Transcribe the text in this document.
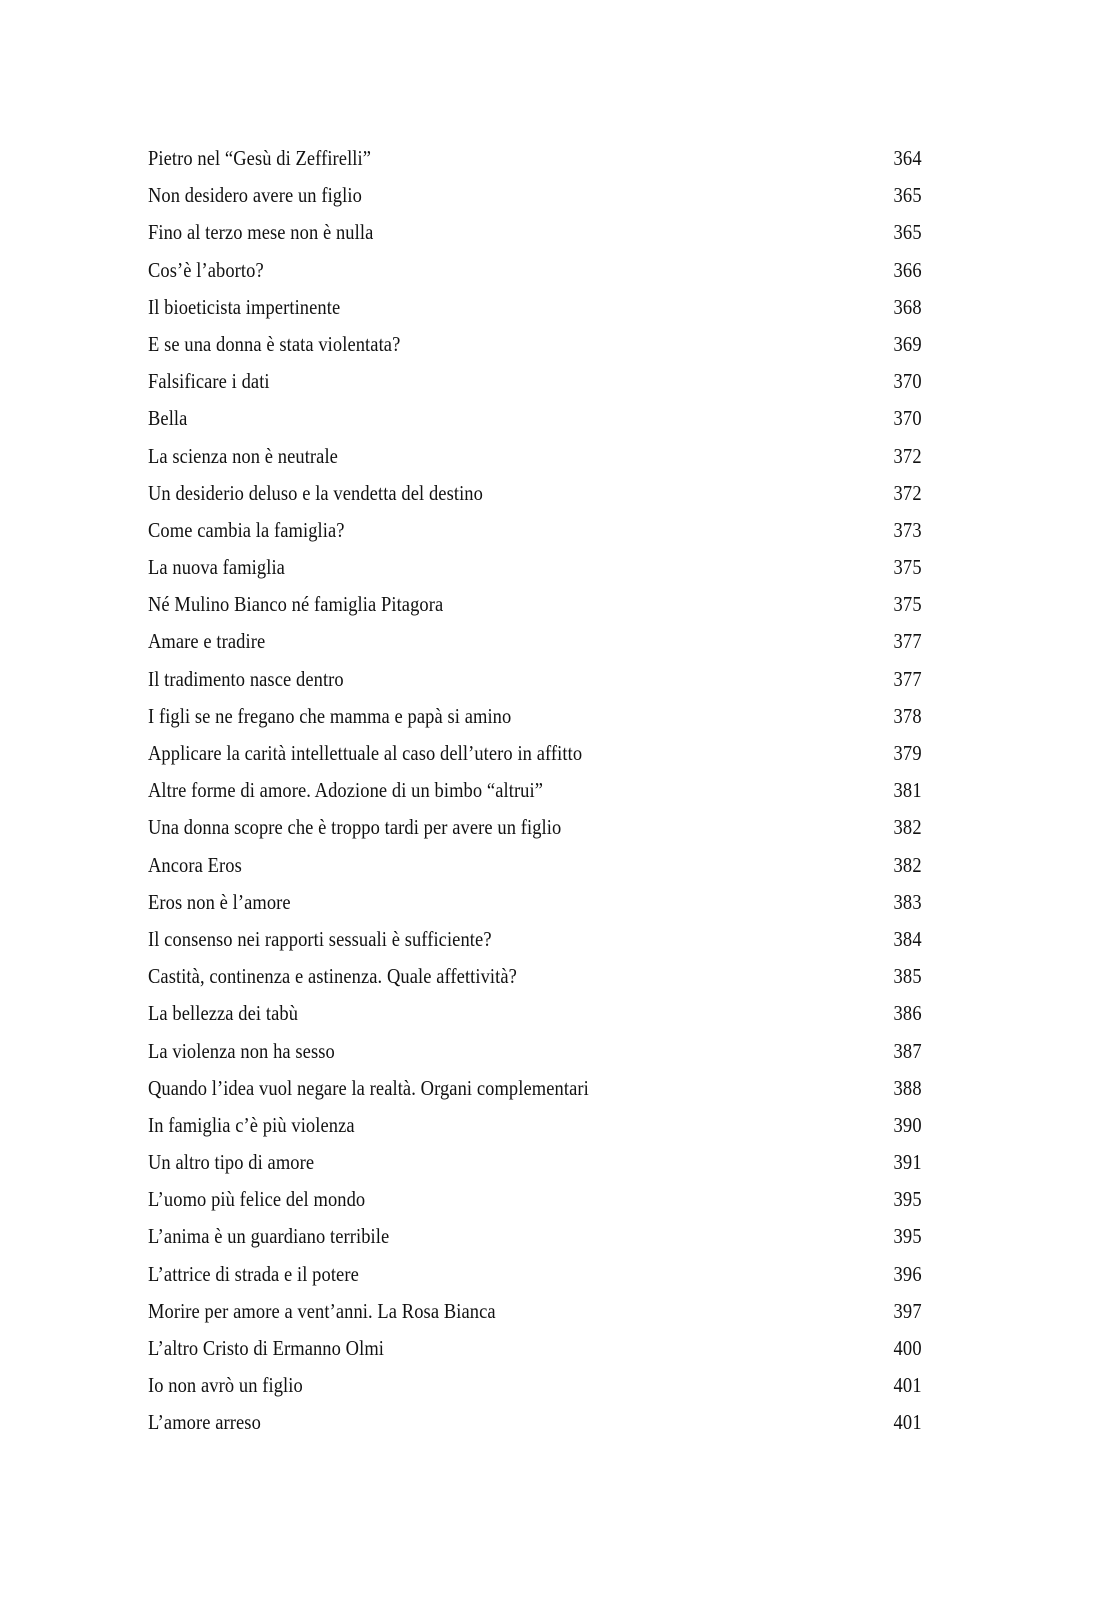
Pietro nel “Gesù di Zeffirelli”	364
Non desidero avere un figlio	365
Fino al terzo mese non è nulla	365
Cos’è l’aborto?	366
Il bioeticista impertinente	368
E se una donna è stata violentata?	369
Falsificare i dati	370
Bella	370
La scienza non è neutrale	372
Un desiderio deluso e la vendetta del destino	372
Come cambia la famiglia?	373
La nuova famiglia	375
Né Mulino Bianco né famiglia Pitagora	375
Amare e tradire	377
Il tradimento nasce dentro	377
I figli se ne fregano che mamma e papà si amino	378
Applicare la carità intellettuale al caso dell’utero in affitto	379
Altre forme di amore. Adozione di un bimbo “altrui”	381
Una donna scopre che è troppo tardi per avere un figlio	382
Ancora Eros	382
Eros non è l’amore	383
Il consenso nei rapporti sessuali è sufficiente?	384
Castità, continenza e astinenza. Quale affettività?	385
La bellezza dei tabù	386
La violenza non ha sesso	387
Quando l’idea vuol negare la realtà. Organi complementari	388
In famiglia c’è più violenza	390
Un altro tipo di amore	391
L’uomo più felice del mondo	395
L’anima è un guardiano terribile	395
L’attrice di strada e il potere	396
Morire per amore a vent’anni. La Rosa Bianca	397
L’altro Cristo di Ermanno Olmi	400
Io non avrò un figlio	401
L’amore arreso	401
